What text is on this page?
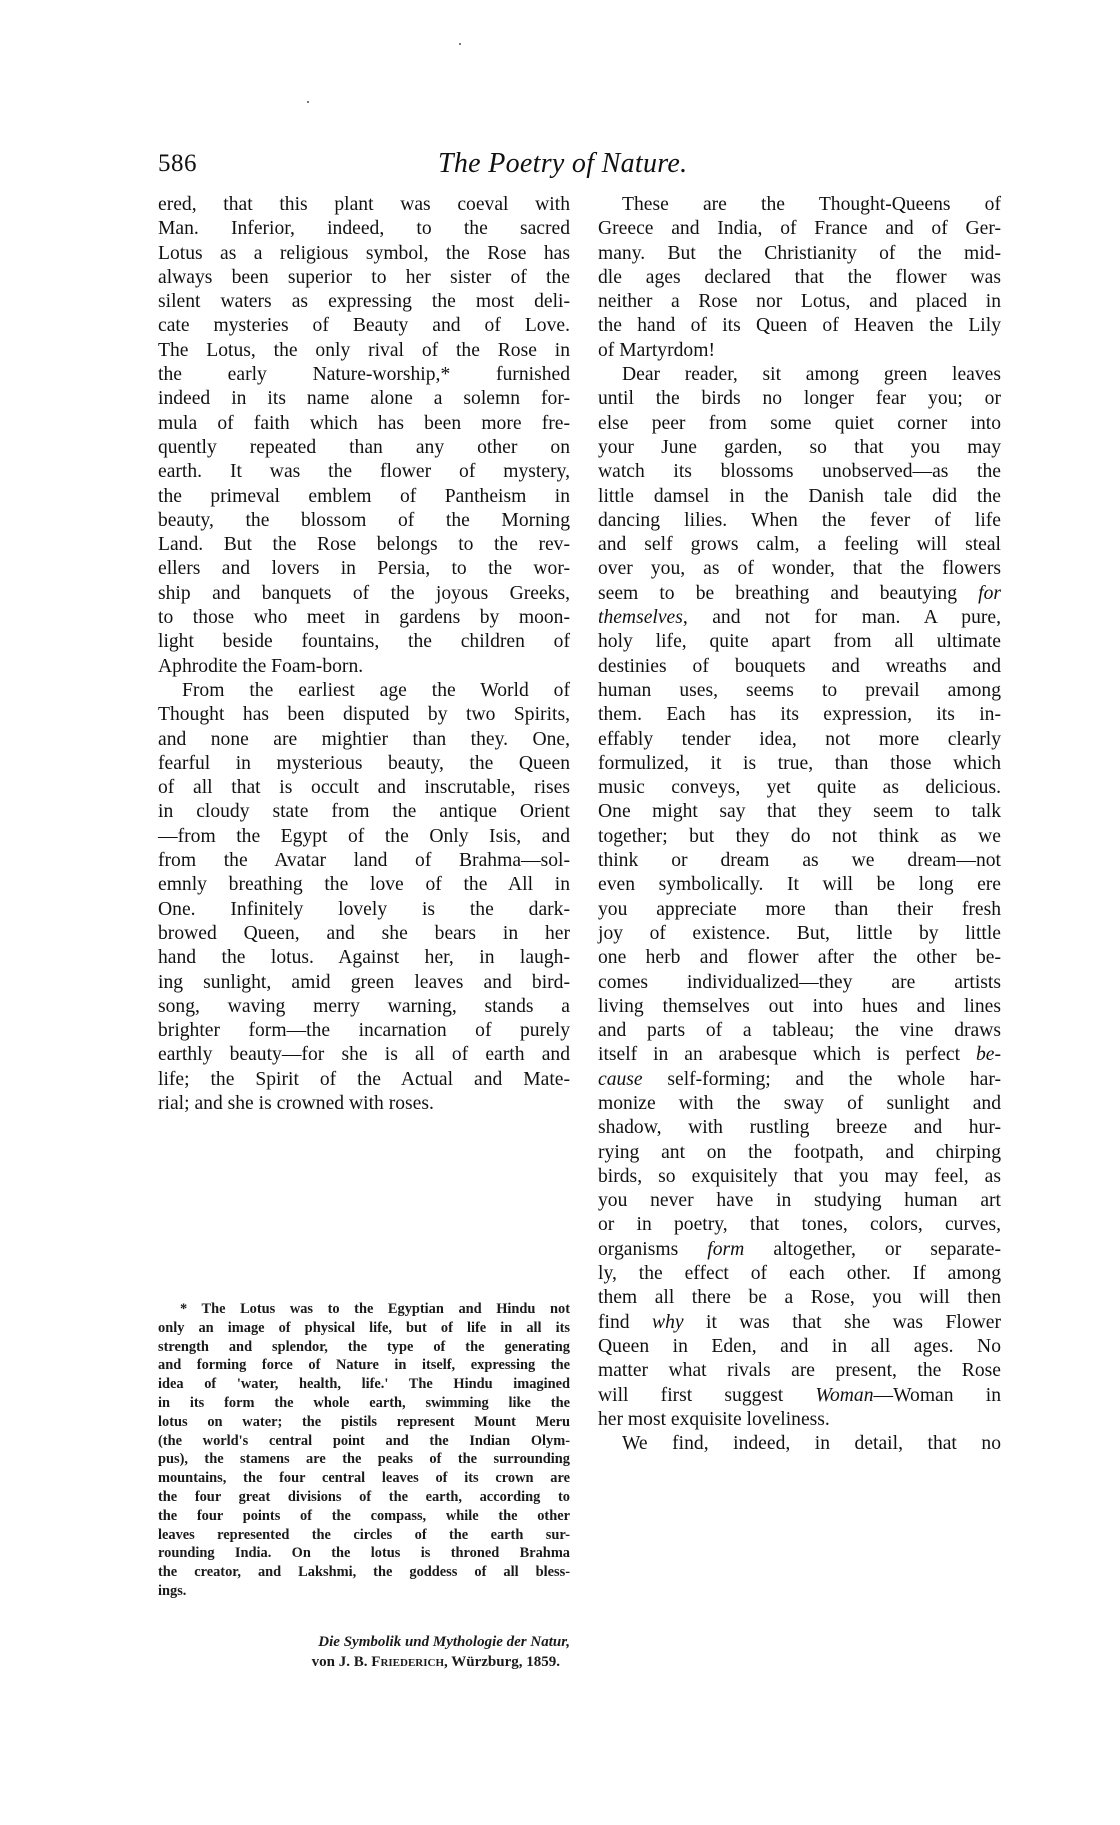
586	The Poetry of Nature.
ered, that this plant was coeval with
Man. Inferior, indeed, to the sacred
Lotus as a religious symbol, the Rose has
always been superior to her sister of the
silent waters as expressing the most deli-
cate mysteries of Beauty and of Love.
The Lotus, the only rival of the Rose in
the early Nature-worship,* furnished
indeed in its name alone a solemn for-
mula of faith which has been more fre-
quently repeated than any other on
earth. It was the flower of mystery,
the primeval emblem of Pantheism in
beauty, the blossom of the Morning
Land. But the Rose belongs to the rev-
ellers and lovers in Persia, to the wor-
ship and banquets of the joyous Greeks,
to those who meet in gardens by moon-
light beside fountains, the children of
Aphrodite the Foam-born.
From the earliest age the World of
Thought has been disputed by two Spirits,
and none are mightier than they. One,
fearful in mysterious beauty, the Queen
of all that is occult and inscrutable, rises
in cloudy state from the antique Orient
—from the Egypt of the Only Isis, and
from the Avatar land of Brahma—sol-
emnly breathing the love of the All in
One. Infinitely lovely is the dark-
browed Queen, and she bears in her
hand the lotus. Against her, in laugh-
ing sunlight, amid green leaves and bird-
song, waving merry warning, stands a
brighter form—the incarnation of purely
earthly beauty—for she is all of earth and
life; the Spirit of the Actual and Mate-
rial; and she is crowned with roses.
* The Lotus was to the Egyptian and Hindu not
only an image of physical life, but of life in all its
strength and splendor, the type of the generating
and forming force of Nature in itself, expressing the
idea of 'water, health, life.' The Hindu imagined
in its form the whole earth, swimming like the
lotus on water; the pistils represent Mount Meru
(the world's central point and the Indian Olym-
pus), the stamens are the peaks of the surrounding
mountains, the four central leaves of its crown are
the four great divisions of the earth, according to
the four points of the compass, while the other
leaves represented the circles of the earth sur-
rounding India. On the lotus is throned Brahma
the creator, and Lakshmi, the goddess of all bless-
ings.
Die Symbolik und Mythologie der Natur,
von J. B. Friederich, Würzburg, 1859.
These are the Thought-Queens of
Greece and India, of France and of Ger-
many. But the Christianity of the mid-
dle ages declared that the flower was
neither a Rose nor Lotus, and placed in
the hand of its Queen of Heaven the Lily
of Martyrdom!
Dear reader, sit among green leaves
until the birds no longer fear you; or
else peer from some quiet corner into
your June garden, so that you may
watch its blossoms unobserved—as the
little damsel in the Danish tale did the
dancing lilies. When the fever of life
and self grows calm, a feeling will steal
over you, as of wonder, that the flowers
seem to be breathing and beautying for
themselves, and not for man. A pure,
holy life, quite apart from all ultimate
destinies of bouquets and wreaths and
human uses, seems to prevail among
them. Each has its expression, its in-
effably tender idea, not more clearly
formulized, it is true, than those which
music conveys, yet quite as delicious.
One might say that they seem to talk
together; but they do not think as we
think or dream as we dream—not
even symbolically. It will be long ere
you appreciate more than their fresh
joy of existence. But, little by little
one herb and flower after the other be-
comes individualized—they are artists
living themselves out into hues and lines
and parts of a tableau; the vine draws
itself in an arabesque which is perfect be-
cause self-forming; and the whole har-
monize with the sway of sunlight and
shadow, with rustling breeze and hur-
rying ant on the footpath, and chirping
birds, so exquisitely that you may feel, as
you never have in studying human art
or in poetry, that tones, colors, curves,
organisms form altogether, or separate-
ly, the effect of each other. If among
them all there be a Rose, you will then
find why it was that she was Flower
Queen in Eden, and in all ages. No
matter what rivals are present, the Rose
will first suggest Woman—Woman in
her most exquisite loveliness.
We find, indeed, in detail, that no
